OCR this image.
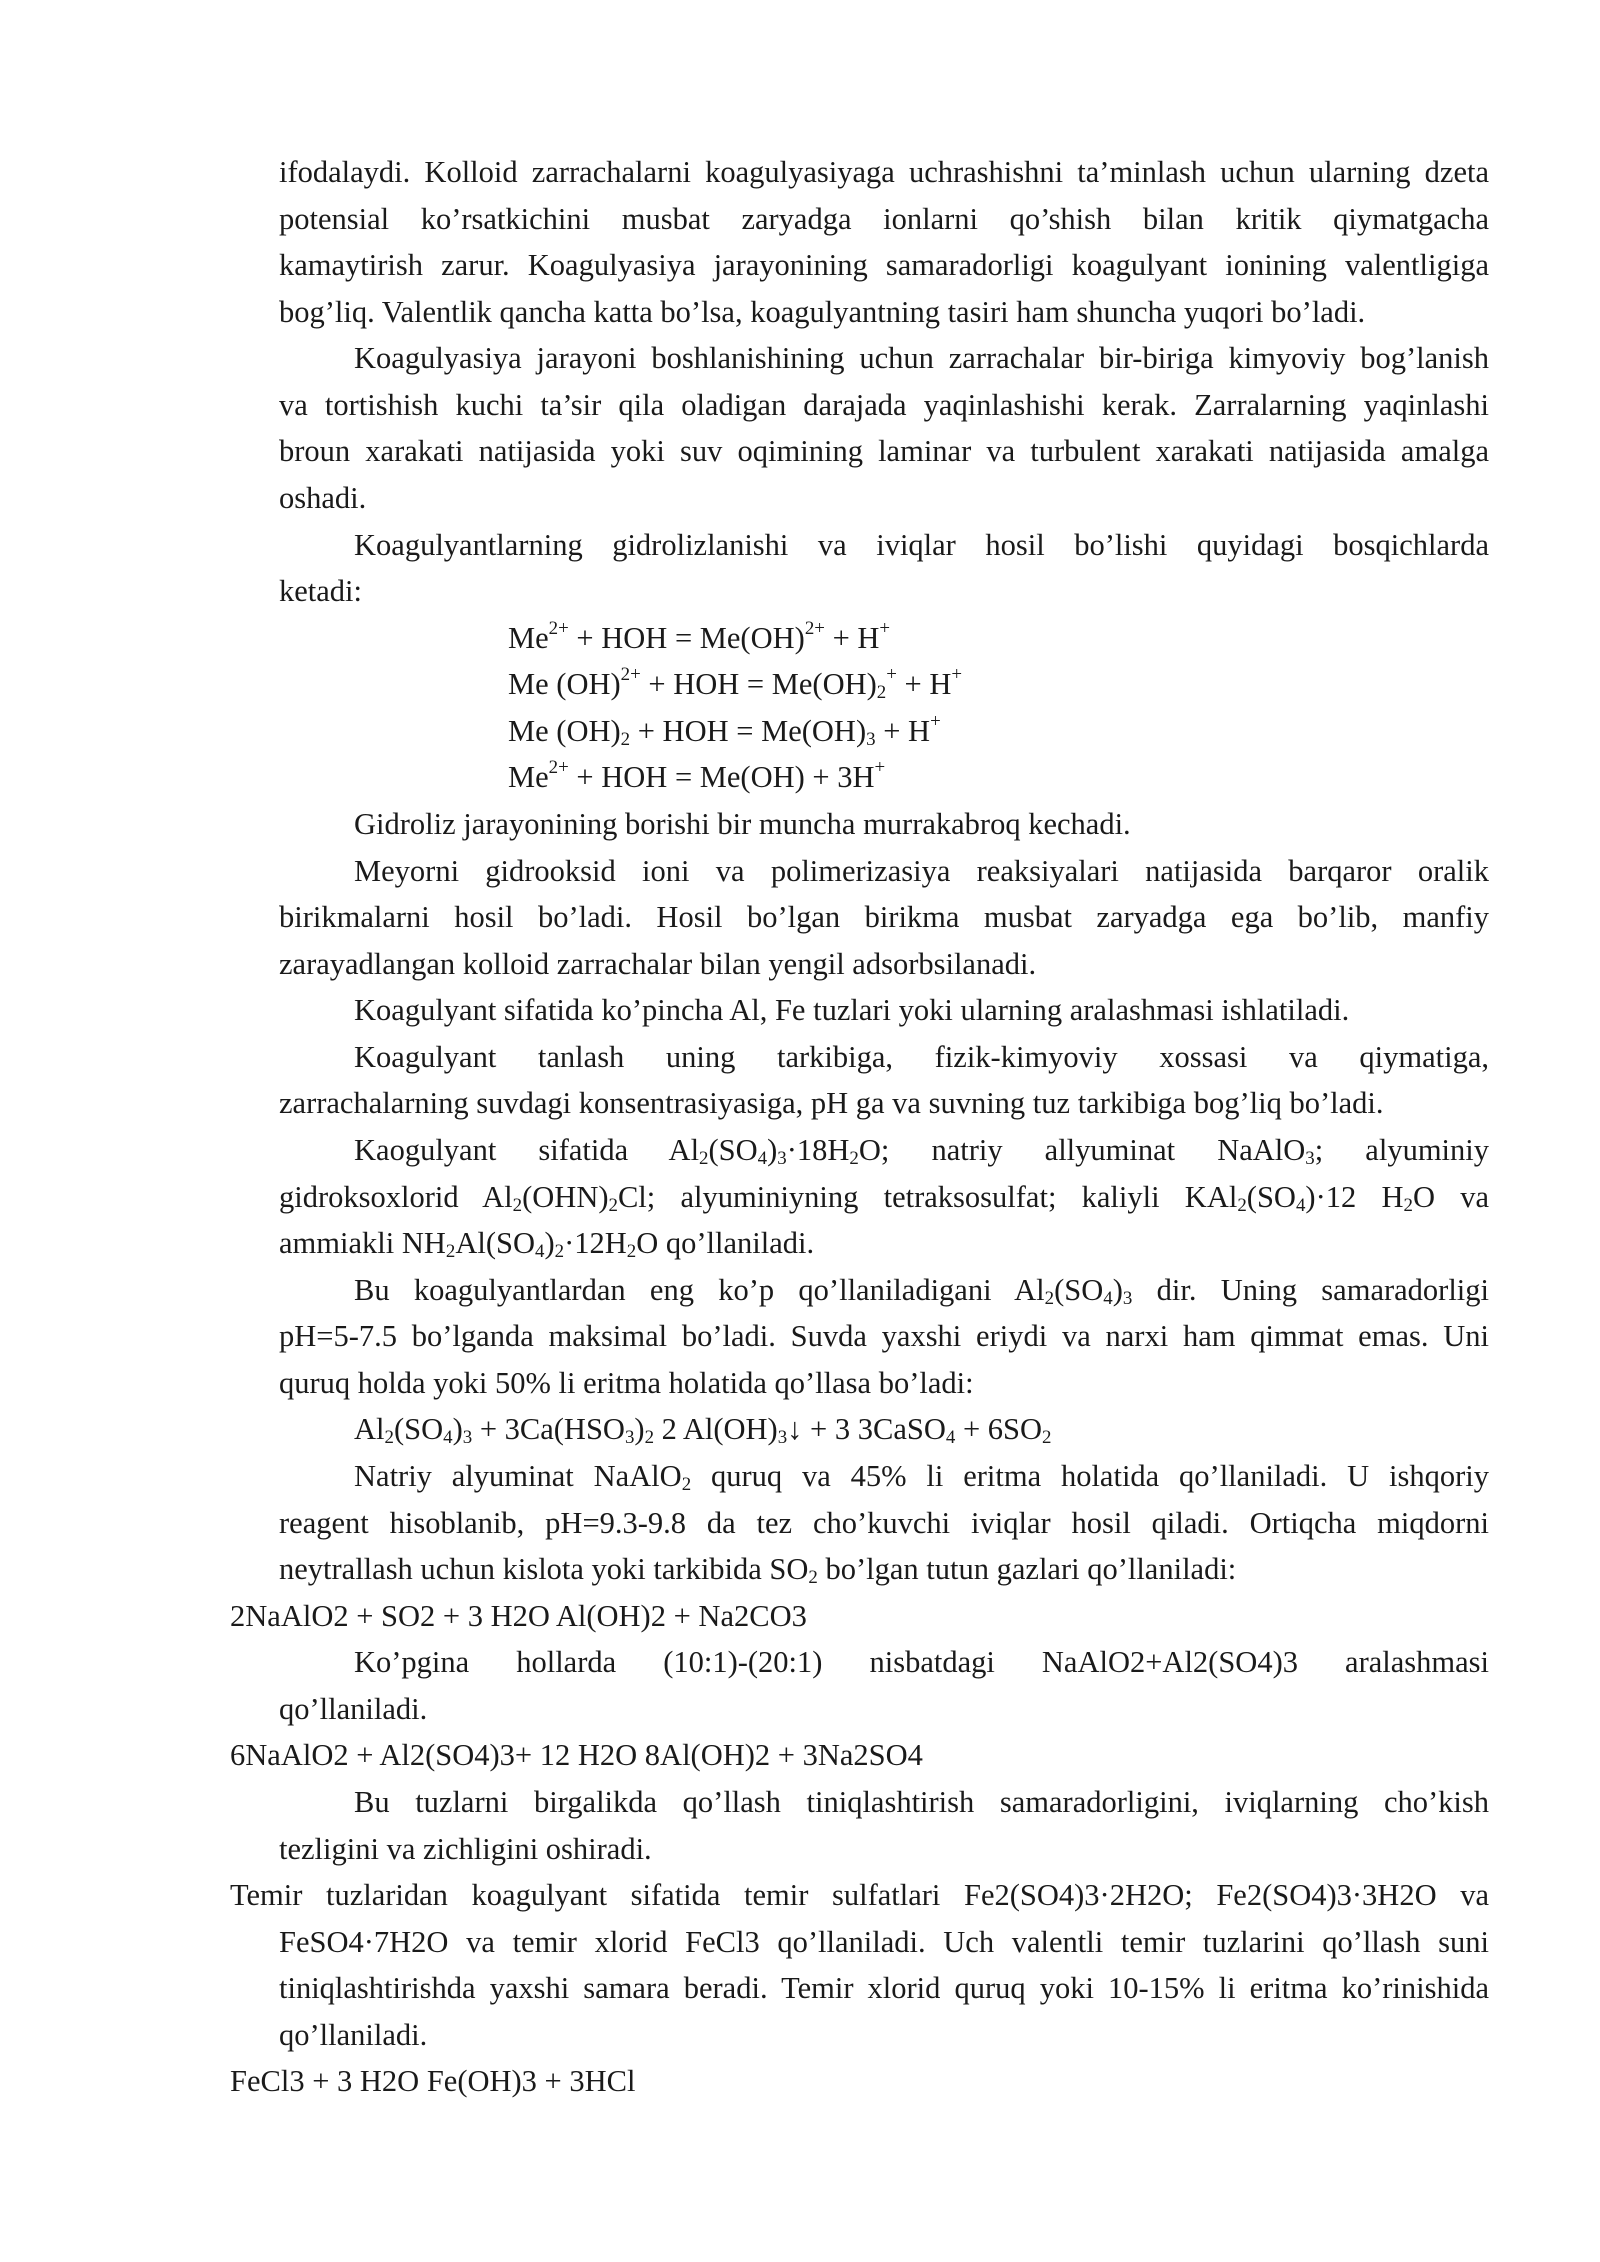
ifodalaydi. Kolloid zarrachalarni koagulyasiyaga uchrashishni ta’minlash uchun ularning dzeta
potensial ko’rsatkichini musbat zaryadga ionlarni qo’shish bilan kritik qiymatgacha
kamaytirish zarur. Koagulyasiya jarayonining samaradorligi koagulyant ionining valentligiga
bog’liq. Valentlik qancha katta bo’lsa, koagulyantning tasiri ham shuncha yuqori bo’ladi.
Koagulyasiya jarayoni boshlanishining uchun zarrachalar bir-biriga kimyoviy bog’lanish
va tortishish kuchi ta’sir qila oladigan darajada yaqinlashishi kerak. Zarralarning yaqinlashi
broun xarakati natijasida yoki suv oqimining laminar va turbulent xarakati natijasida amalga
oshadi.
Koagulyantlarning gidrolizlanishi va iviqlar hosil bo’lishi quyidagi bosqichlarda
ketadi:
$Me^{2+}$ + HOH = Me(OH)$^{2+}$ + H+
Me (OH)$^{2+}$ + HOH = $Me(OH)_2^+ + H^+$
Me $(OH)_2$ + HOH = $Me(OH)_3 + H^+$
$Me^{2+}$ + HOH = Me(OH) + 3H+
Gidroliz jarayonining borishi bir muncha murrakabroq kechadi.
Meyorni gidrooksid ioni va polimerizasiya reaksiyalari natijasida barqaror oralik
birikmalarni hosil bo’ladi. Hosil bo’lgan birikma musbat zaryadga ega bo’lib, manfiy
zarayadlangan kolloid zarrachalar bilan yengil adsorbsilanadi.
Koagulyant sifatida ko’pincha Al, Fe tuzlari yoki ularning aralashmasi ishlatiladi.
Koagulyant tanlash uning tarkibiga, fizik-kimyoviy xossasi va qiymatiga,
zarrachalarning suvdagi konsentrasiyasiga, pH ga va suvning tuz tarkibiga bog’liq bo’ladi.
Kaogulyant sifatida $Al_2(SO_4)_3\cdot 18H_2O$; natriy allyuminat NaAlO$_3$; alyuminiy
gidroksoxlorid $Al_2(OHN)_2Cl$; alyuminiyning tetraksosulfat; kaliyli $KAl_2(SO_4)\cdot 12$ $H_2O$ va
ammiakli $NH_2Al(SO_4)_2\cdot 12H_2O$ qo’llaniladi.
Bu koagulyantlardan eng ko’p qo’llaniladigani $Al_2(SO_4)_3$ dir. Uning samaradorligi
pH=5-7.5 bo’lganda maksimal bo’ladi. Suvda yaxshi eriydi va narxi ham qimmat emas. Uni
quruq holda yoki 50% li eritma holatida qo’llasa bo’ladi:
$Al_2(SO_4)_3 + 3Ca(HSO_3)_2$ 2 $Al(OH)_3↓ + 3$ 3CaSO$_4$ + $6SO_2$
Natriy alyuminat NaAlO$_2$ quruq va 45% li eritma holatida qo’llaniladi. U ishqoriy
reagent hisoblanib, pH=9.3-9.8 da tez cho’kuvchi iviqlar hosil qiladi. Ortiqcha miqdorni
neytrallash uchun kislota yoki tarkibida $SO_2$ bo’lgan tutun gazlari qo’llaniladi:
2NaAlO2 + SO2 + 3 H2O Al(OH)2 + Na2CO3
Ko’pgina hollarda (10:1)-(20:1) nisbatdagi NaAlO2+Al2(SO4)3 aralashmasi
qo’llaniladi.
6NaAlO2 + Al2(SO4)3+ 12 H2O 8Al(OH)2 + 3Na2SO4
Bu tuzlarni birgalikda qo’llash tiniqlashtirish samaradorligini, iviqlarning cho’kish
tezligini va zichligini oshiradi.
Temir tuzlaridan koagulyant sifatida temir sulfatlari Fe2(SO4)3·2H2O; Fe2(SO4)3·3H2O va
FeSO4·7H2O va temir xlorid FeCl3 qo’llaniladi. Uch valentli temir tuzlarini qo’llash suni
tiniqlashtirishda yaxshi samara beradi. Temir xlorid quruq yoki 10-15% li eritma ko’rinishida
qo’llaniladi.
FeCl3 + 3 H2O Fe(OH)3 + 3HCl
